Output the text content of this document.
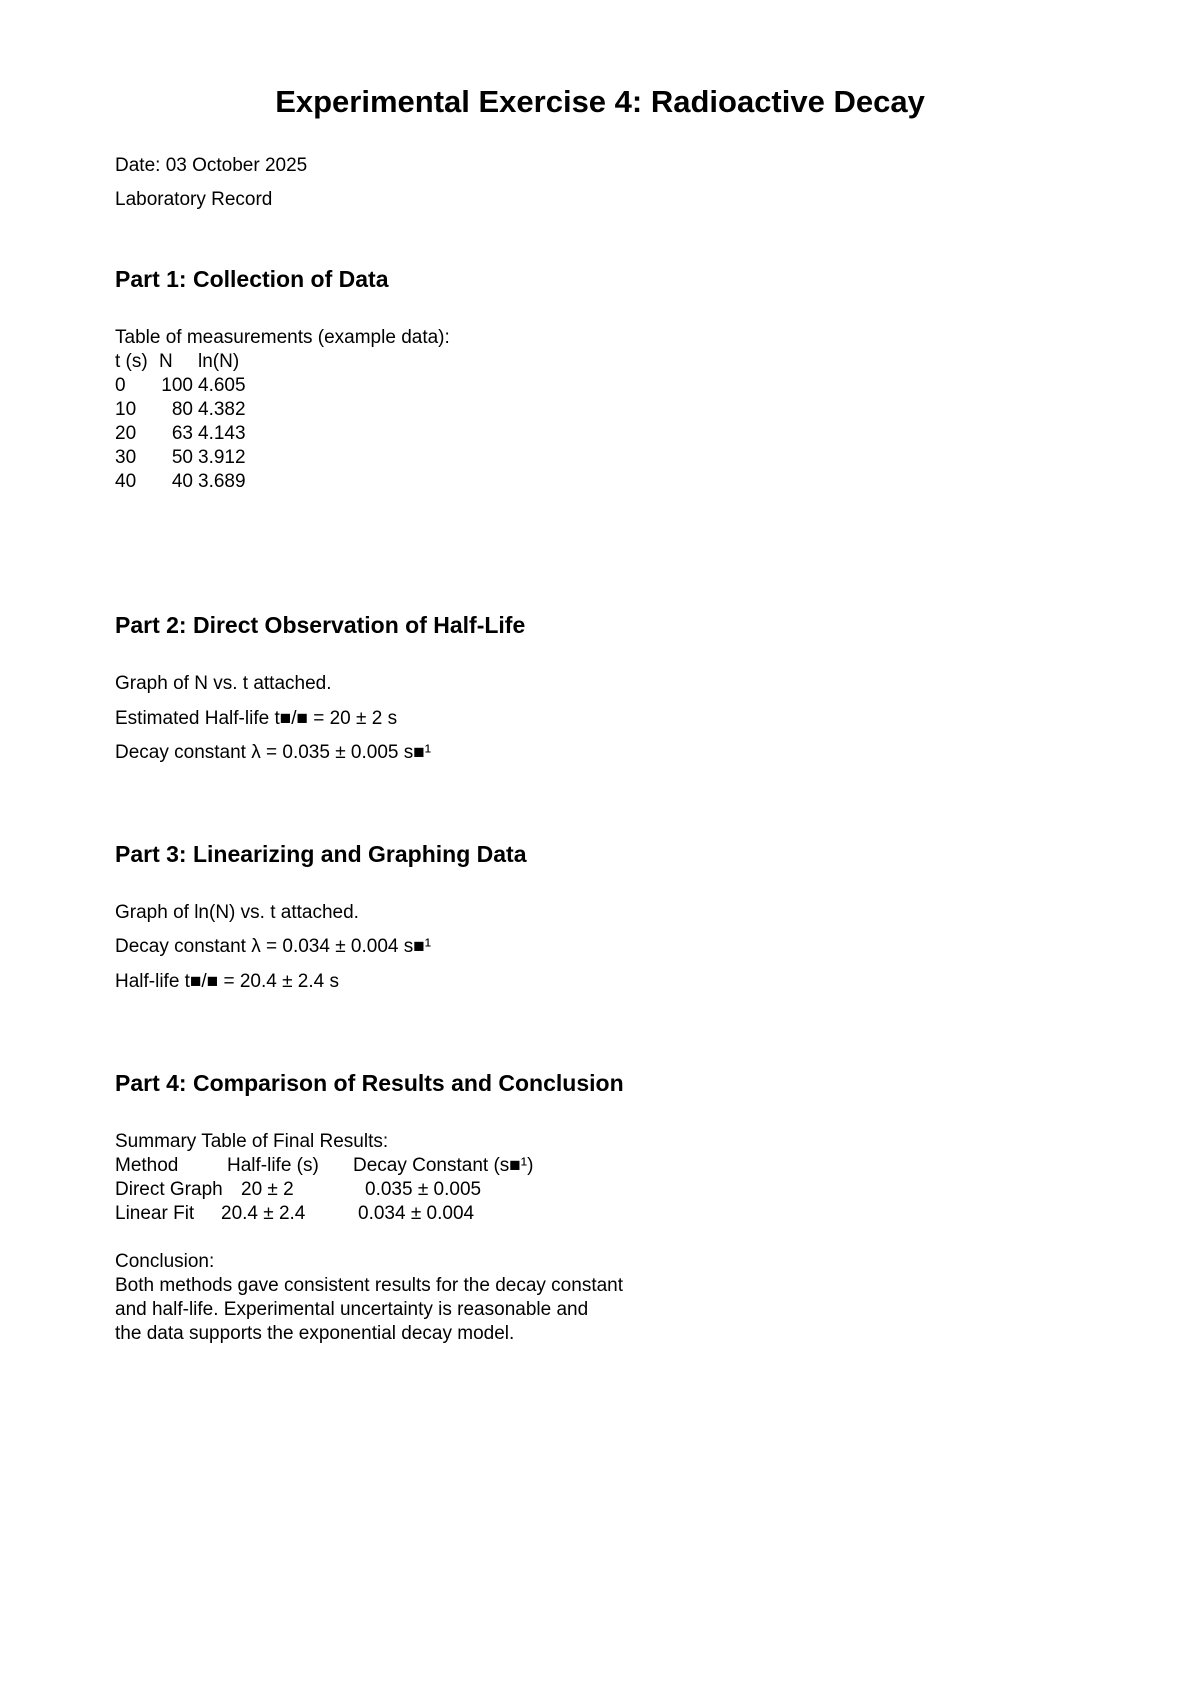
Experimental Exercise 4: Radioactive Decay
Date: 03 October 2025
Laboratory Record
Part 1: Collection of Data
Table of measurements (example data):
t (s) N ln(N)
0	100 4.605
10	80 4.382
20	63 4.143
30	50 3.912
40	40 3.689
Part 2: Direct Observation of Half-Life
Graph of N vs. t attached.
Estimated Half-life t■/■ = 20 ± 2 s
Decay constant λ = 0.035 ± 0.005 s■¹
Part 3: Linearizing and Graphing Data
Graph of ln(N) vs. t attached.
Decay constant λ = 0.034 ± 0.004 s■¹
Half-life t■/■ = 20.4 ± 2.4 s
Part 4: Comparison of Results and Conclusion
Summary Table of Final Results:
Method	Half-life (s) Decay Constant (s■¹)
Direct Graph 20 ± 2	0.035 ± 0.005
Linear Fit 20.4 ± 2.4	0.034 ± 0.004
Conclusion:
Both methods gave consistent results for the decay constant
and half-life. Experimental uncertainty is reasonable and
the data supports the exponential decay model.
